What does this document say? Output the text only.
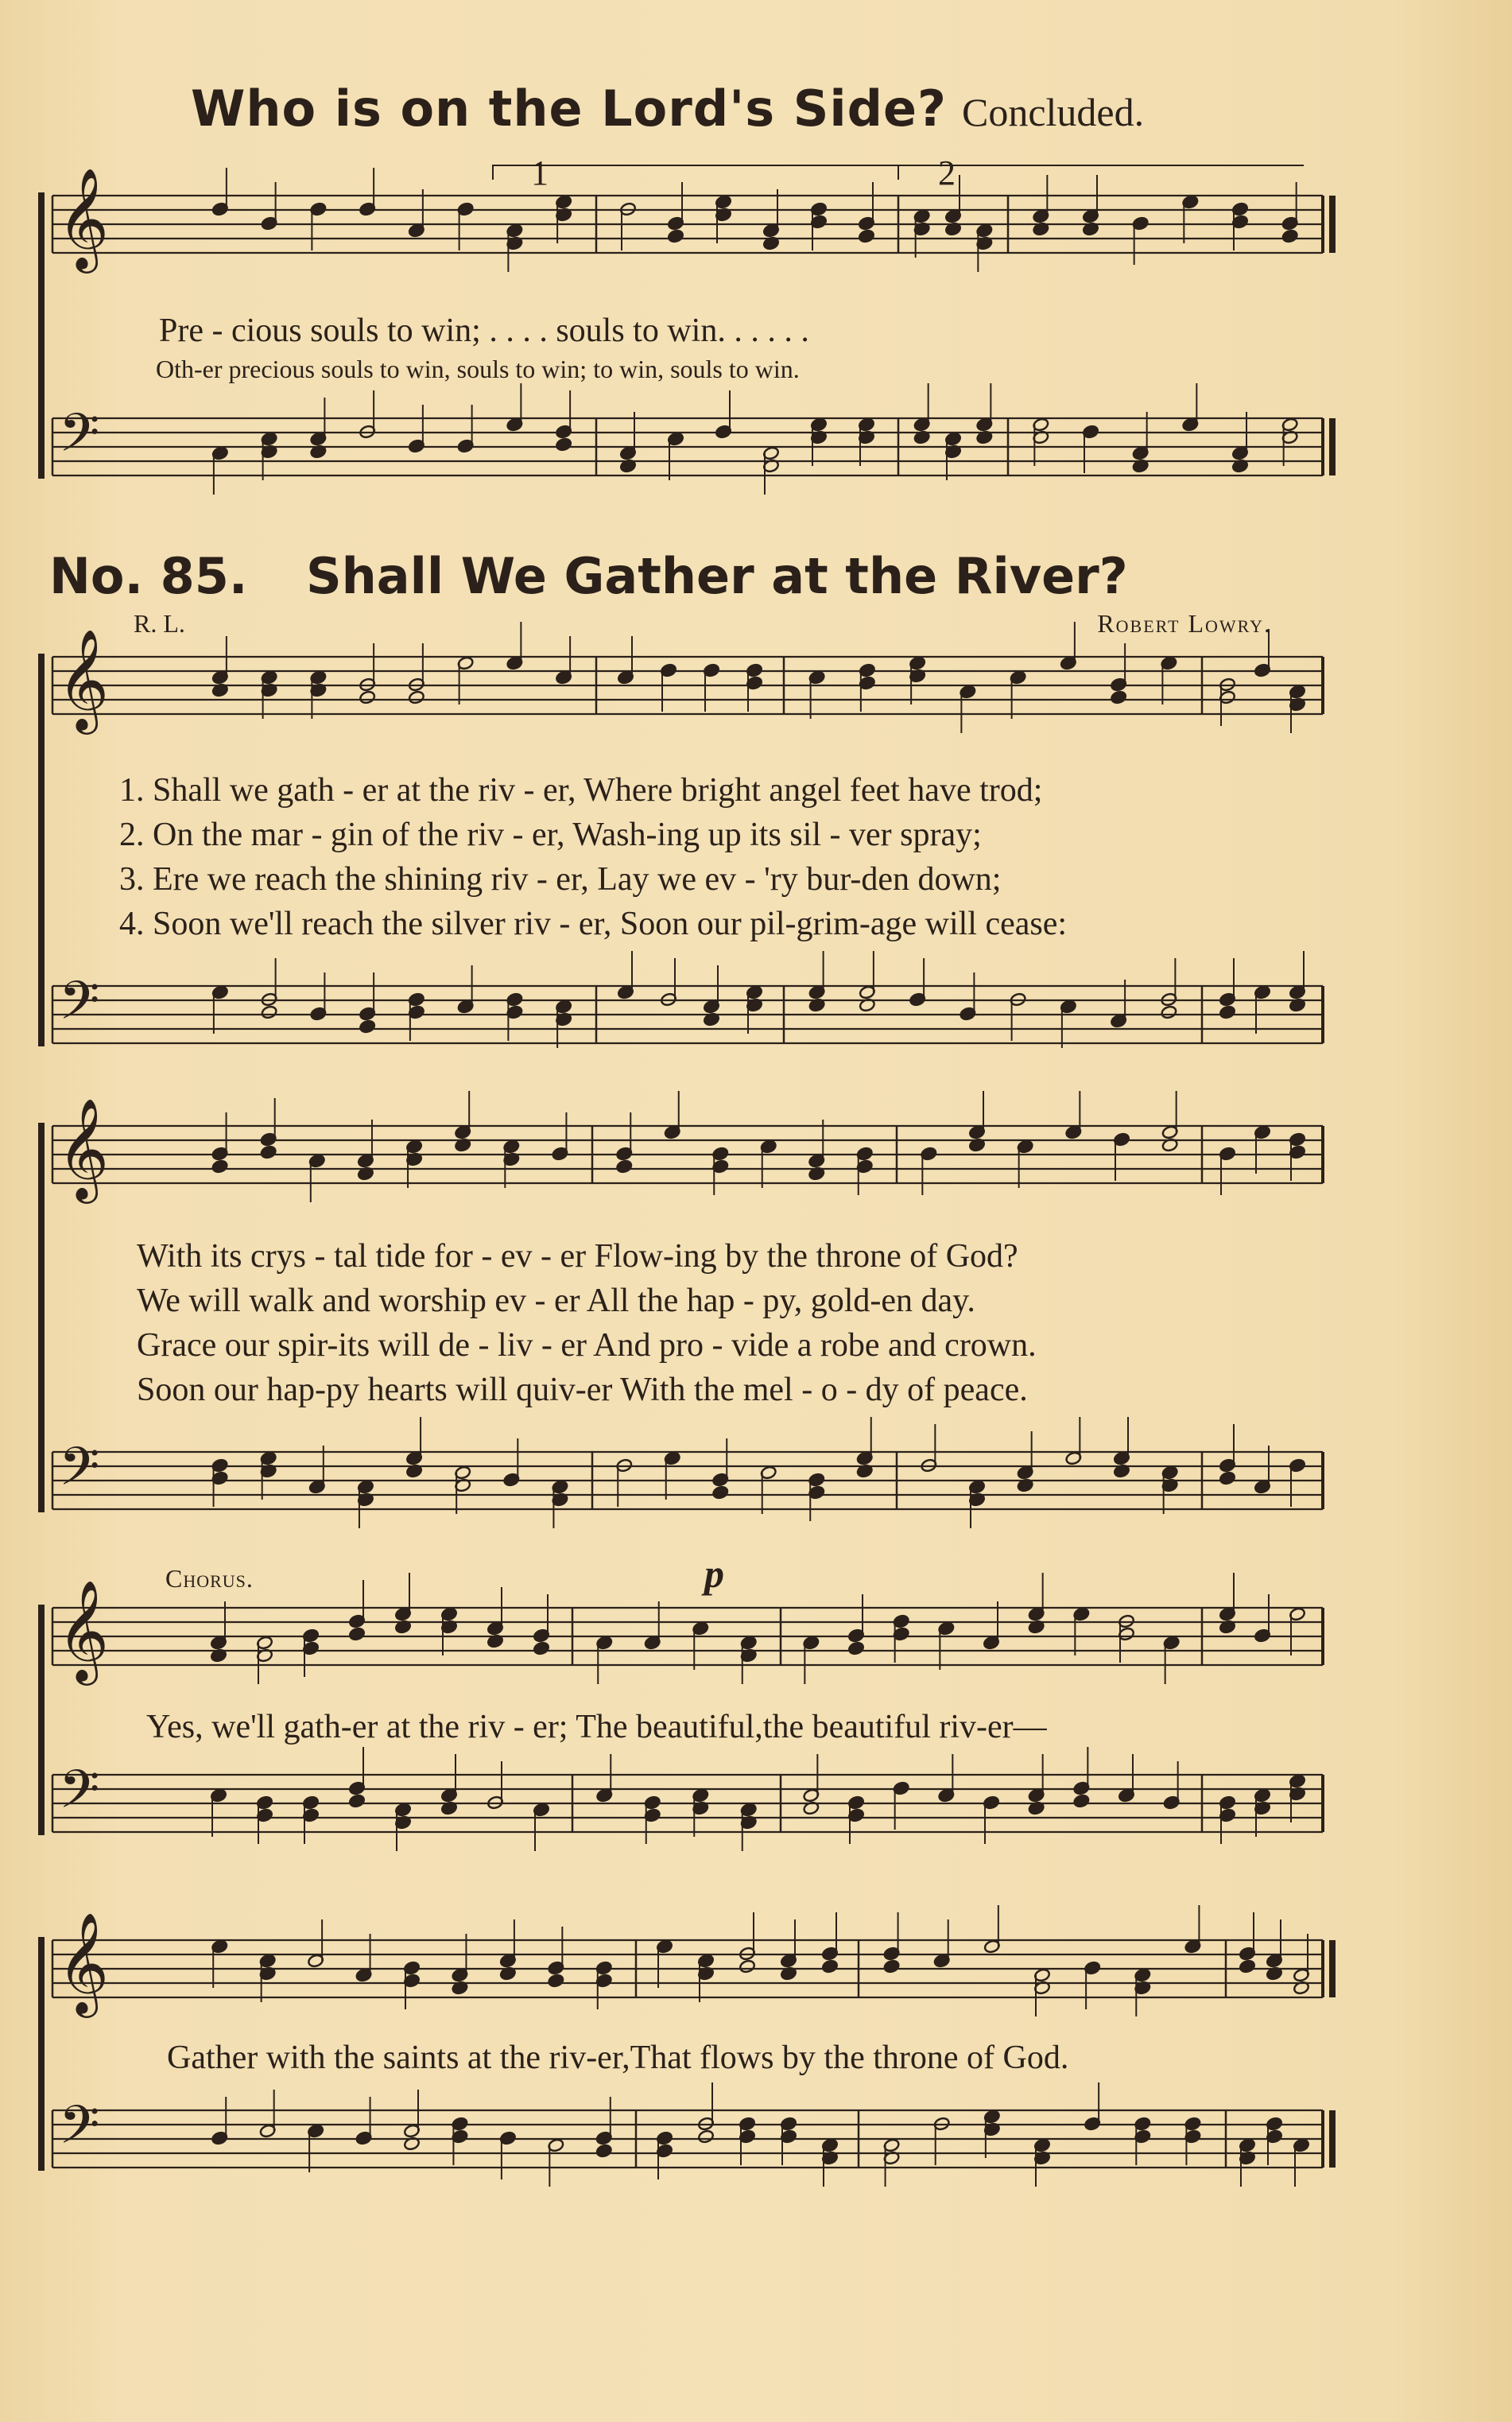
Who is on the Lord's Side? Concluded.
Pre - cious souls to win; . . . . souls to win. . . . . .
Oth-er precious souls to win, souls to win; to win, souls to win.
No. 85. Shall We Gather at the River?
R. L.	Robert Lowry.
1. Shall we gath - er at the riv - er, Where bright angel feet have trod;
2. On the mar - gin of the riv - er, Wash-ing up its sil - ver spray;
3. Ere we reach the shining riv - er, Lay we ev - 'ry bur-den down;
4. Soon we'll reach the silver riv - er, Soon our pil-grim-age will cease:
With its crys - tal tide for - ev - er Flow-ing by the throne of God?
We will walk and worship ev - er All the hap - py, gold-en day.
Grace our spir-its will de - liv - er And pro - vide a robe and crown.
Soon our hap-py hearts will quiv-er With the mel - o - dy of peace.
Chorus.	p
Yes, we'll gath-er at the riv - er; The beautiful,the beautiful riv-er—
Gather with the saints at the riv-er,That flows by the throne of God.
𝄞
𝄢
𝄞
𝄢
𝄞
𝄢
𝄞
𝄢
𝄞
𝄢
1	2
